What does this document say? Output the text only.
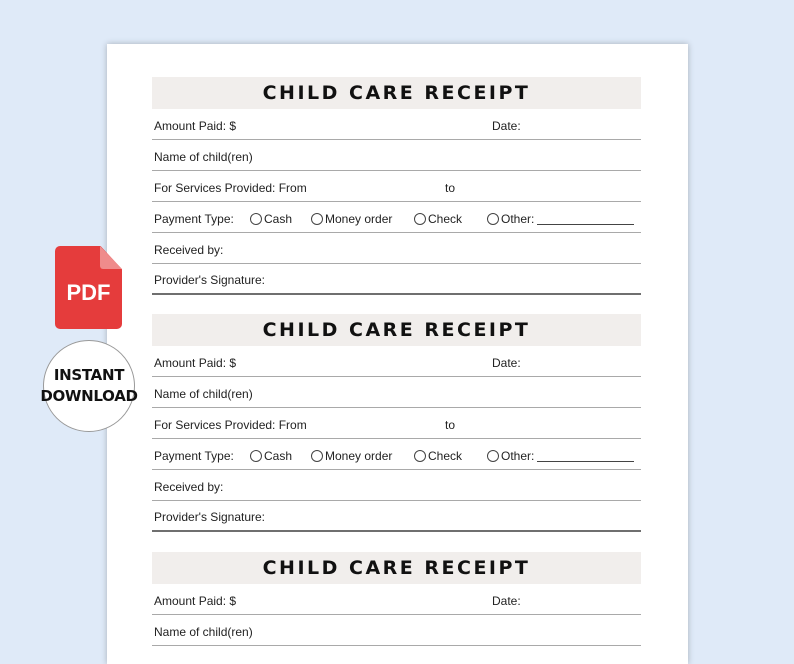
CHILD CARE RECEIPT
Amount Paid: $	Date:
Name of child(ren)
For Services Provided: From	to
Payment Type:	Cash	Money order	Check	Other:
Received by:
Provider's Signature:
CHILD CARE RECEIPT
Amount Paid: $	Date:
Name of child(ren)
For Services Provided: From	to
Payment Type:	Cash	Money order	Check	Other:
Received by:
Provider's Signature:
CHILD CARE RECEIPT
Amount Paid: $	Date:
Name of child(ren)
PDF
INSTANT
DOWNLOAD
